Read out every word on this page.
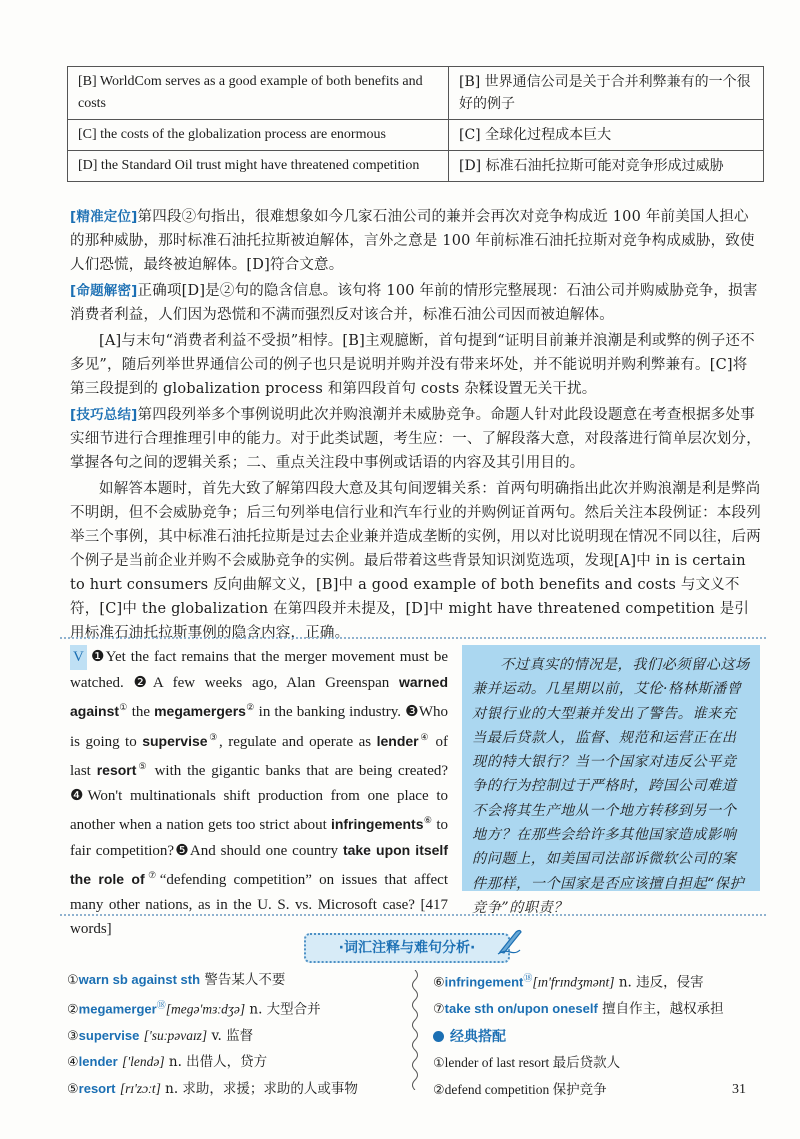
[B] WorldCom serves as a good example of both benefits and costs	[B] 世界通信公司是关于合并利弊兼有的一个很好的例子
[C] the costs of the globalization process are enormous	[C] 全球化过程成本巨大
[D] the Standard Oil trust might have threatened competition	[D] 标准石油托拉斯可能对竞争形成过威胁

[精准定位]第四段②句指出，很难想象如今几家石油公司的兼并会再次对竞争构成近 100 年前美国人担心的那种威胁，那时标准石油托拉斯被迫解体，言外之意是 100 年前标准石油托拉斯对竞争构成威胁，致使人们恐慌，最终被迫解体。[D]符合文意。

[命题解密]正确项[D]是②句的隐含信息。该句将 100 年前的情形完整展现：石油公司并购威胁竞争，损害消费者利益，人们因为恐慌和不满而强烈反对该合并，标准石油公司因而被迫解体。

[A]与末句“消费者利益不受损”相悖。[B]主观臆断，首句提到“证明目前兼并浪潮是利或弊的例子还不多见”，随后列举世界通信公司的例子也只是说明并购并没有带来坏处，并不能说明并购利弊兼有。[C]将第三段提到的 globalization process 和第四段首句 costs 杂糅设置无关干扰。

[技巧总结]第四段列举多个事例说明此次并购浪潮并未威胁竞争。命题人针对此段设题意在考查根据多处事实细节进行合理推理引申的能力。对于此类试题，考生应：一、了解段落大意，对段落进行简单层次划分，掌握各句之间的逻辑关系；二、重点关注段中事例或话语的内容及其引用目的。

如解答本题时，首先大致了解第四段大意及其句间逻辑关系：首两句明确指出此次并购浪潮是利是弊尚不明朗，但不会威胁竞争；后三句列举电信行业和汽车行业的并购例证首两句。然后关注本段例证：本段列举三个事例，其中标准石油托拉斯是过去企业兼并造成垄断的实例，用以对比说明现在情况不同以往，后两个例子是当前企业并购不会威胁竞争的实例。最后带着这些背景知识浏览选项，发现[A]中 in is certain to hurt consumers 反向曲解文义，[B]中 a good example of both benefits and costs 与文义不符，[C]中 the globalization 在第四段并未提及，[D]中 might have threatened competition 是引用标准石油托拉斯事例的隐含内容，正确。

V ❶Yet the fact remains that the merger movement must be watched. ❷A few weeks ago, Alan Greenspan warned against① the megamergers② in the banking industry. ❸Who is going to supervise③, regulate and operate as lender④ of last resort⑤ with the gigantic banks that are being created? ❹Won't multinationals shift production from one place to another when a nation gets too strict about infringements⑥ to fair competition?❺And should one country take upon itself the role of⑦“defending competition” on issues that affect many other nations, as in the U. S. vs. Microsoft case? [417 words]
不过真实的情况是，我们必须留心这场兼并运动。几星期以前，艾伦·格林斯潘曾对银行业的大型兼并发出了警告。谁来充当最后贷款人，监督、规范和运营正在出现的特大银行？当一个国家对违反公平竞争的行为控制过于严格时，跨国公司难道不会将其生产地从一个地方转移到另一个地方？在那些会给许多其他国家造成影响的问题上，如美国司法部诉微软公司的案件那样，一个国家是否应该擅自担起“保护竞争”的职责？
·词汇注释与难句分析·
①warn sb against sth 警告某人不要
②megamerger⑱[megə'mɜːdʒə] n. 大型合并
③supervise ['suːpəvaɪz] v. 监督
④lender ['lendə] n. 出借人，贷方
⑤resort [rɪ'zɔːt] n. 求助，求援；求助的人或事物
⑥infringement⑱[ɪn'frɪndʒmənt] n. 违反，侵害
⑦take sth on/upon oneself 擅自作主，越权承担
经典搭配
①lender of last resort 最后贷款人
②defend competition 保护竞争	31
